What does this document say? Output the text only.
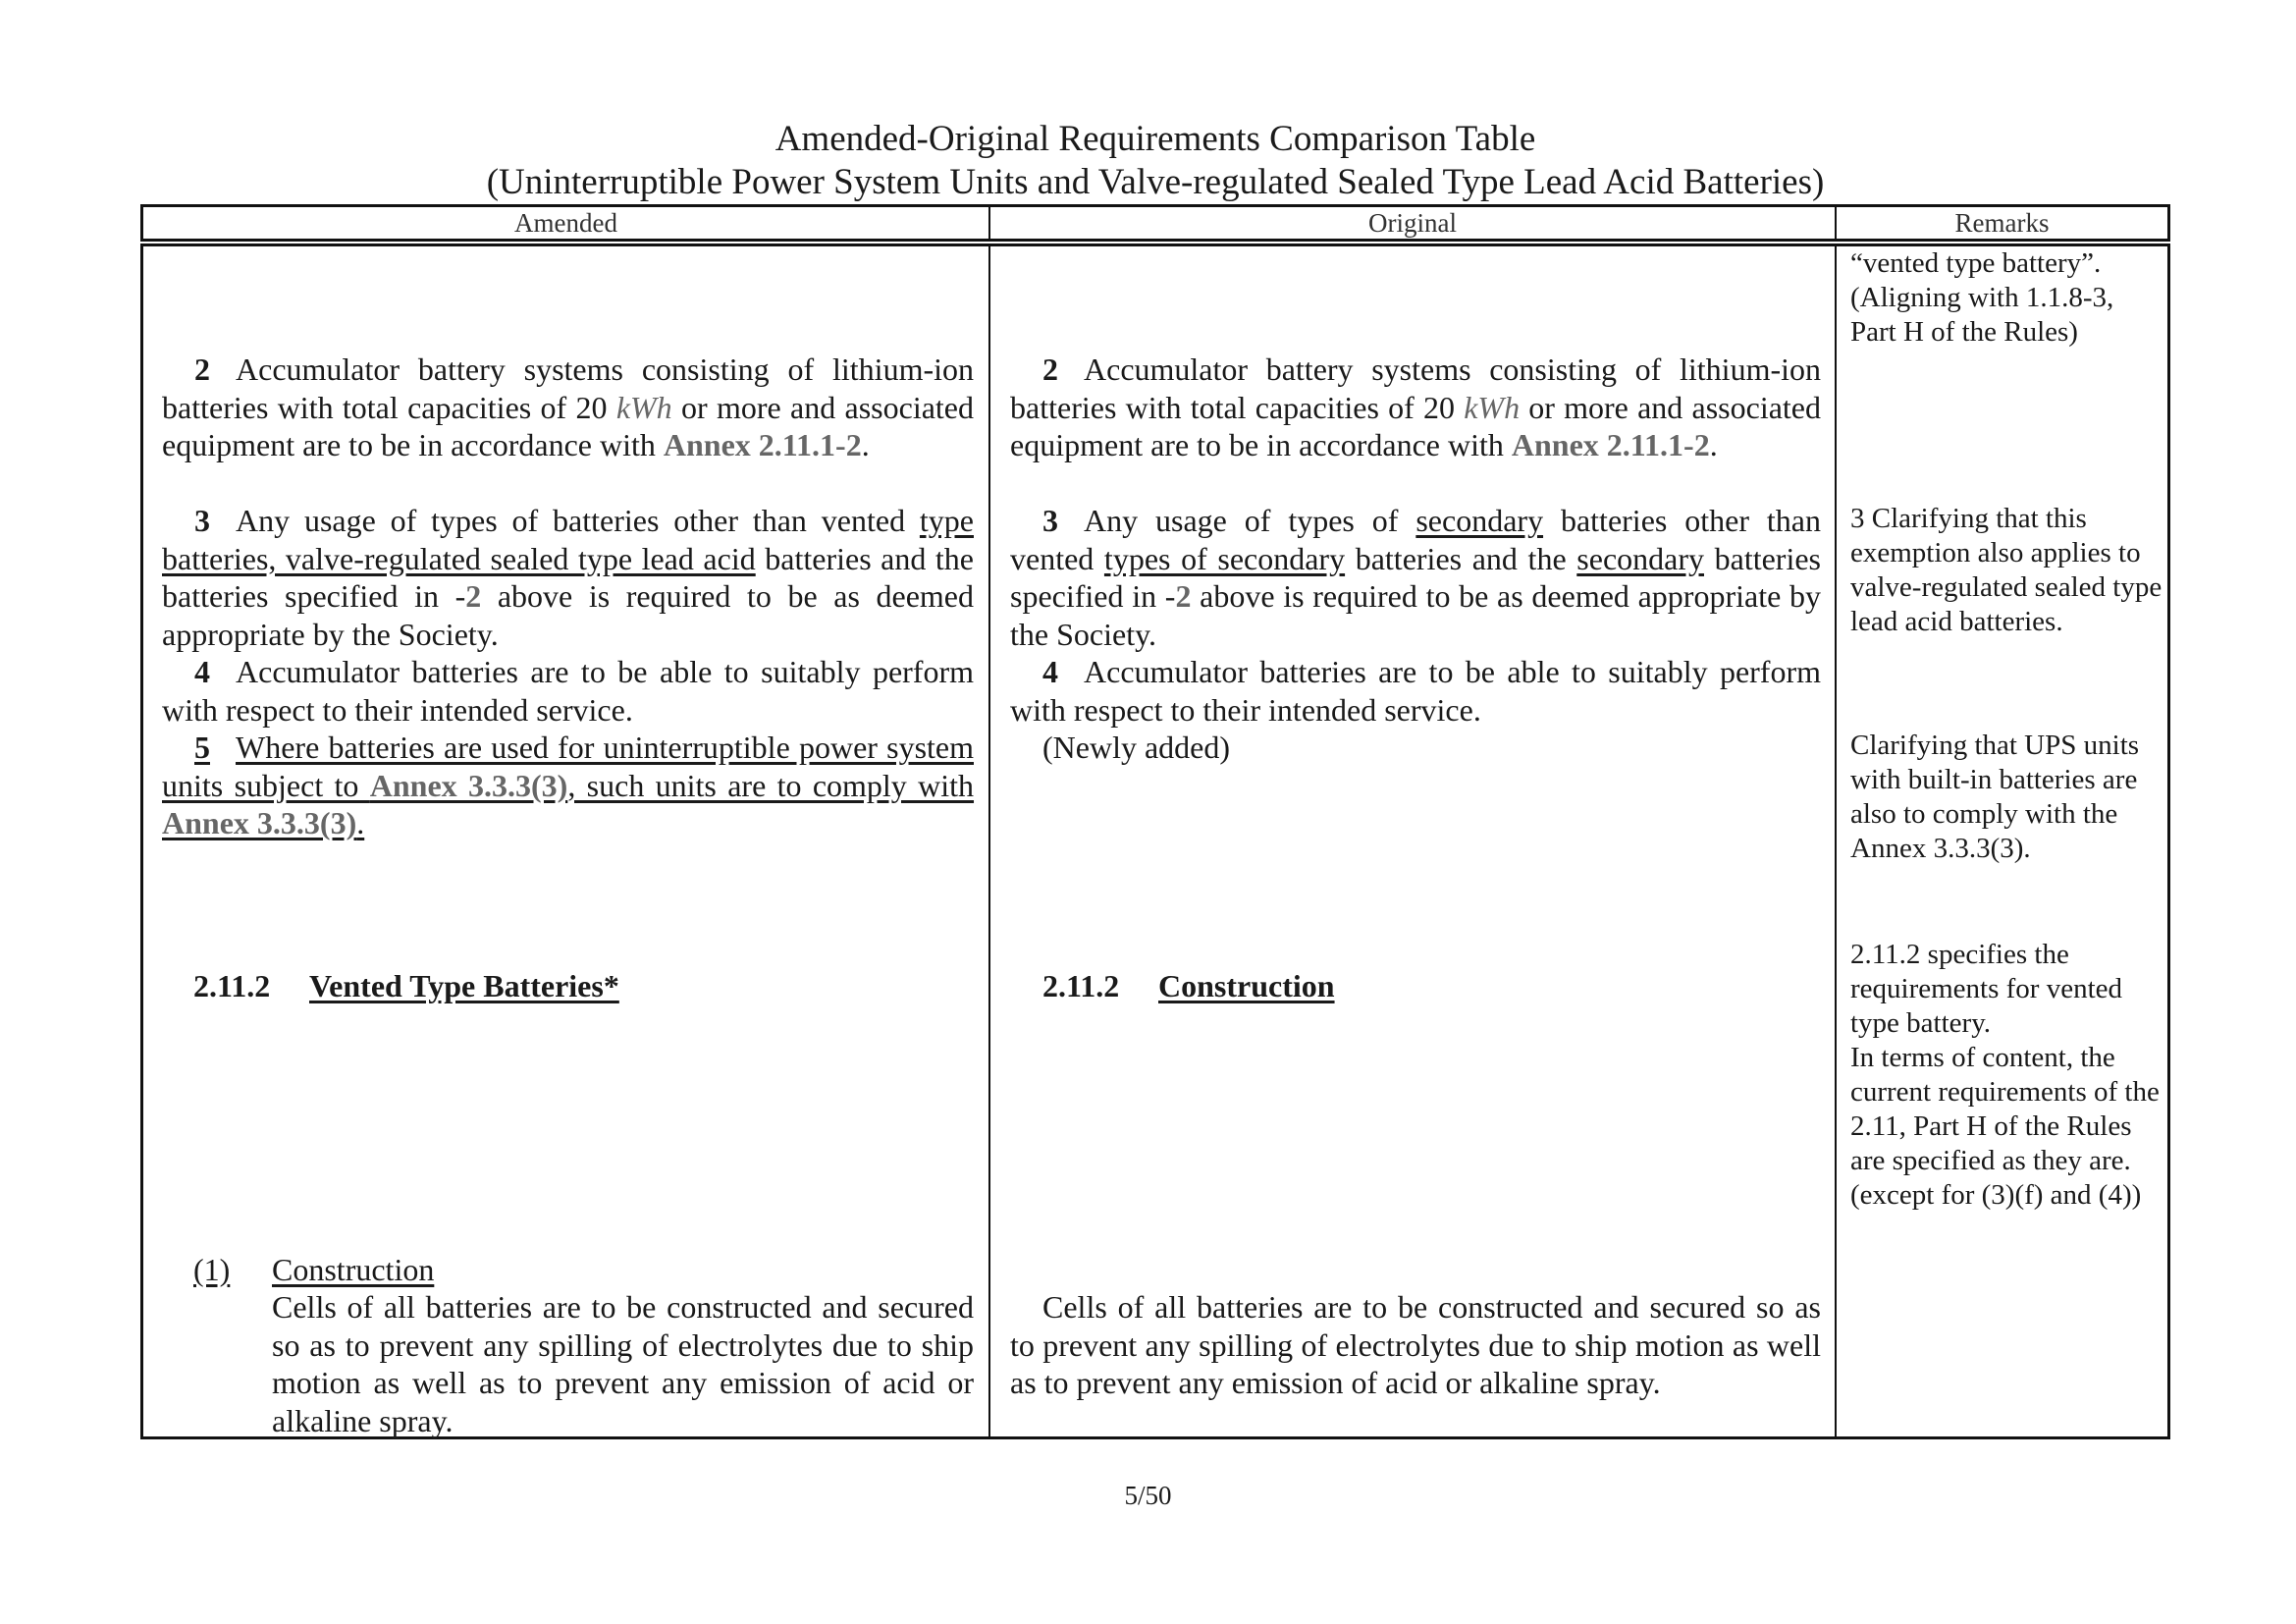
Amended-Original Requirements Comparison Table
(Uninterruptible Power System Units and Valve-regulated Sealed Type Lead Acid Batteries)
Amended	Original	Remarks
2 Accumulator battery systems consisting of lithium-ion batteries with total capacities of 20 kWh or more and associated equipment are to be in accordance with Annex 2.11.1-2.
3 Any usage of types of batteries other than vented type batteries, valve-regulated sealed type lead acid batteries and the batteries specified in -2 above is required to be as deemed appropriate by the Society.
4 Accumulator batteries are to be able to suitably perform with respect to their intended service.
5 Where batteries are used for uninterruptible power system units subject to Annex 3.3.3(3), such units are to comply with Annex 3.3.3(3).
2.11.2 Vented Type Batteries*
(1) Construction
Cells of all batteries are to be constructed and secured so as to prevent any spilling of electrolytes due to ship motion as well as to prevent any emission of acid or alkaline spray.
2 Accumulator battery systems consisting of lithium-ion batteries with total capacities of 20 kWh or more and associated equipment are to be in accordance with Annex 2.11.1-2.
3 Any usage of types of secondary batteries other than vented types of secondary batteries and the secondary batteries specified in -2 above is required to be as deemed appropriate by the Society.
4 Accumulator batteries are to be able to suitably perform with respect to their intended service.
(Newly added)
2.11.2 Construction
Cells of all batteries are to be constructed and secured so as to prevent any spilling of electrolytes due to ship motion as well as to prevent any emission of acid or alkaline spray.
“vented type battery”. (Aligning with 1.1.8-3, Part H of the Rules)
3 Clarifying that this exemption also applies to valve-regulated sealed type lead acid batteries.
Clarifying that UPS units with built-in batteries are also to comply with the Annex 3.3.3(3).
2.11.2 specifies the requirements for vented type battery.
In terms of content, the current requirements of the 2.11, Part H of the Rules are specified as they are. (except for (3)(f) and (4))
5/50
